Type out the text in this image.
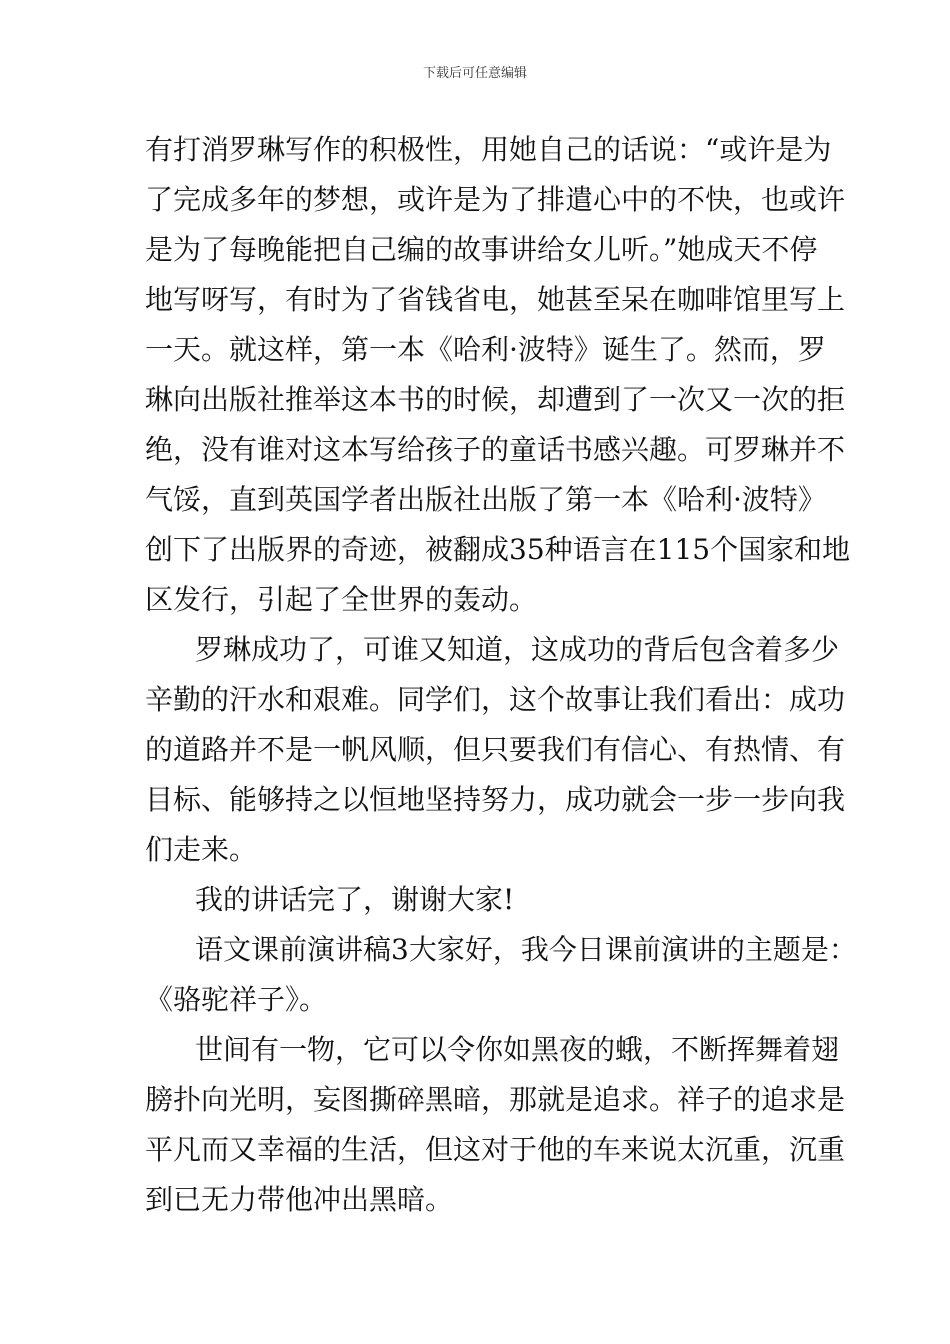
下载后可任意编辑
有打消罗琳写作的积极性，用她自己的话说：“或许是为
了完成多年的梦想，或许是为了排遣心中的不快，也或许
是为了每晚能把自己编的故事讲给女儿听。”她成天不停
地写呀写，有时为了省钱省电，她甚至呆在咖啡馆里写上
一天。就这样，第一本《哈利·波特》诞生了。然而，罗
琳向出版社推举这本书的时候，却遭到了一次又一次的拒
绝，没有谁对这本写给孩子的童话书感兴趣。可罗琳并不
气馁，直到英国学者出版社出版了第一本《哈利·波特》
创下了出版界的奇迹，被翻成35种语言在115个国家和地
区发行，引起了全世界的轰动。
罗琳成功了，可谁又知道，这成功的背后包含着多少
辛勤的汗水和艰难。同学们，这个故事让我们看出：成功
的道路并不是一帆风顺，但只要我们有信心、有热情、有
目标、能够持之以恒地坚持努力，成功就会一步一步向我
们走来。
我的讲话完了，谢谢大家!
语文课前演讲稿3大家好，我今日课前演讲的主题是：
《骆驼祥子》。
世间有一物，它可以令你如黑夜的蛾，不断挥舞着翅
膀扑向光明，妄图撕碎黑暗，那就是追求。祥子的追求是
平凡而又幸福的生活，但这对于他的车来说太沉重，沉重
到已无力带他冲出黑暗。
